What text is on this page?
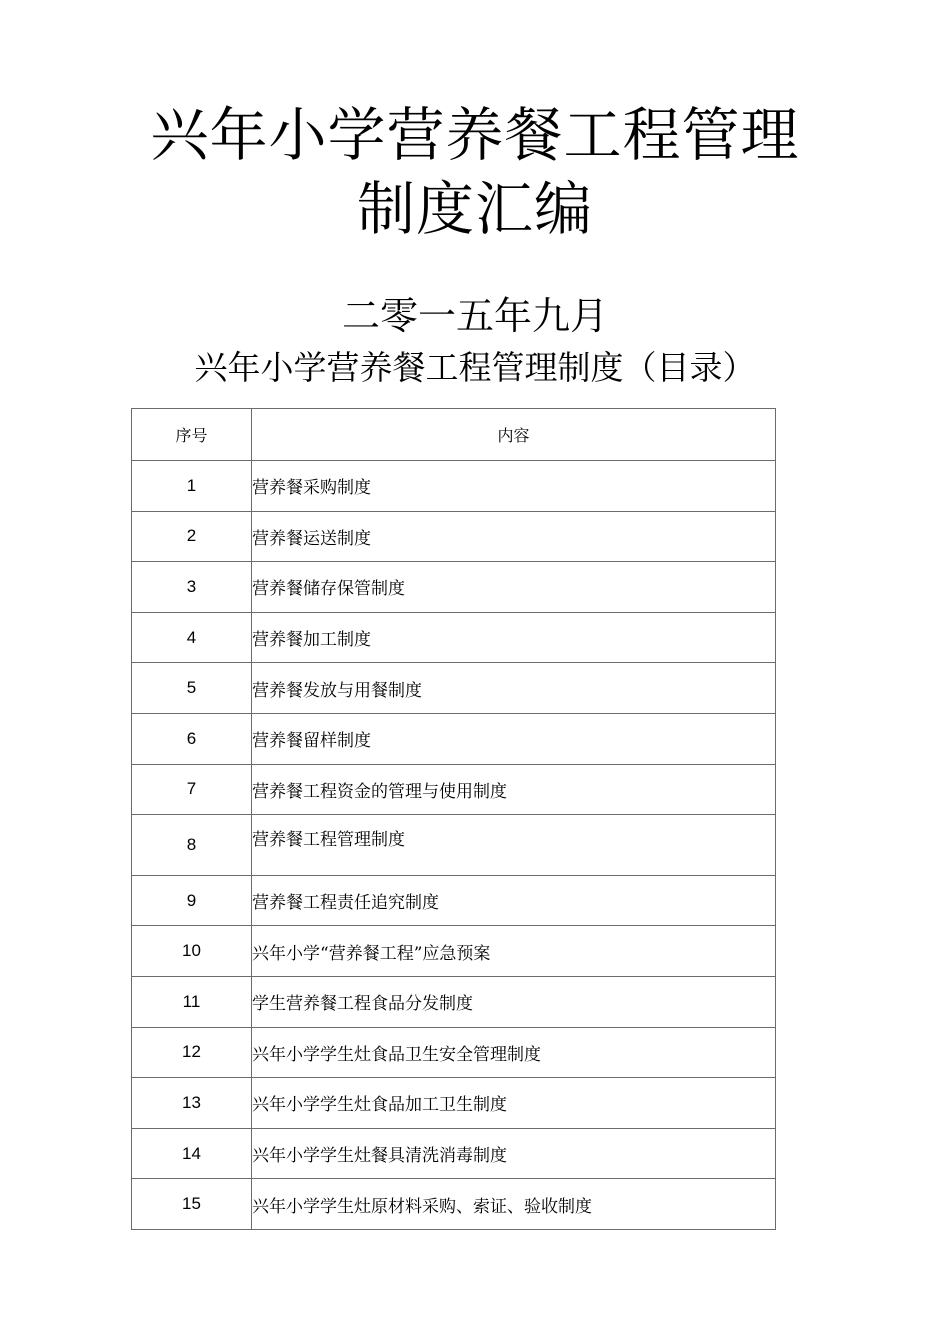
兴年小学营养餐工程管理
制度汇编
二零一五年九月
兴年小学营养餐工程管理制度（目录）
序号	内容
1	营养餐采购制度
2	营养餐运送制度
3	营养餐储存保管制度
4	营养餐加工制度
5	营养餐发放与用餐制度
6	营养餐留样制度
7	营养餐工程资金的管理与使用制度
8	营养餐工程管理制度
9	营养餐工程责任追究制度
10	兴年小学“营养餐工程”应急预案
11	学生营养餐工程食品分发制度
12	兴年小学学生灶食品卫生安全管理制度
13	兴年小学学生灶食品加工卫生制度
14	兴年小学学生灶餐具清洗消毒制度
15	兴年小学学生灶原材料采购、索证、验收制度
